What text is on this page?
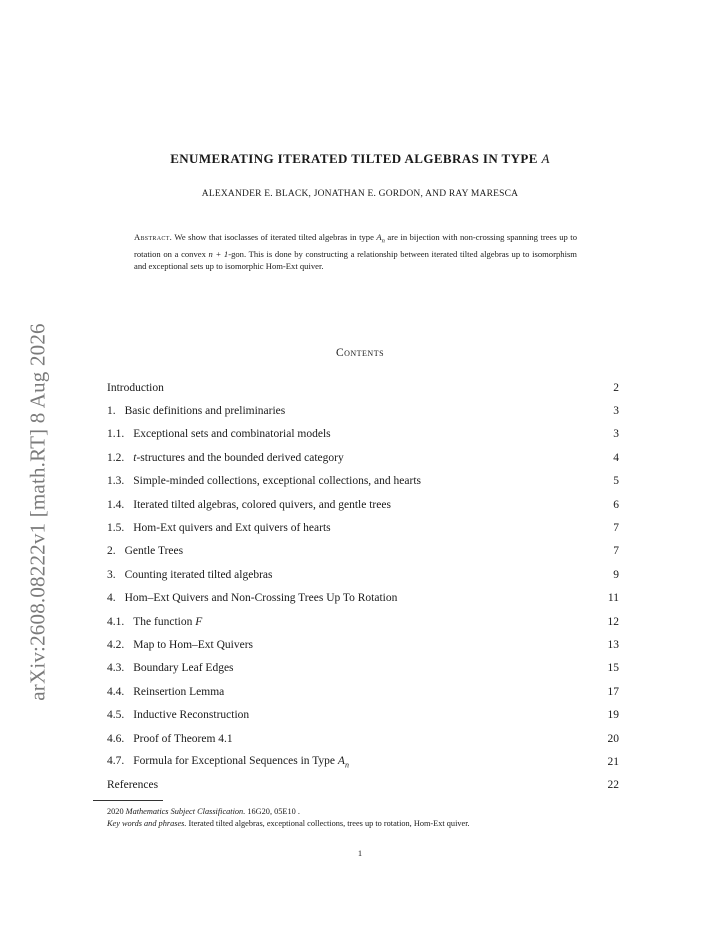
arXiv:2608.08222v1 [math.RT] 8 Aug 2026
ENUMERATING ITERATED TILTED ALGEBRAS IN TYPE A
ALEXANDER E. BLACK, JONATHAN E. GORDON, AND RAY MARESCA
Abstract. We show that isoclasses of iterated tilted algebras in type $A_n$ are in bijection with non-crossing spanning trees up to rotation on a convex n + 1-gon. This is done by constructing a relationship between iterated tilted algebras up to isomorphism and exceptional sets up to isomorphic Hom-Ext quiver.
Contents
Introduction	2
1. Basic definitions and preliminaries	3
1.1. Exceptional sets and combinatorial models	3
1.2. t-structures and the bounded derived category	4
1.3. Simple-minded collections, exceptional collections, and hearts	5
1.4. Iterated tilted algebras, colored quivers, and gentle trees	6
1.5. Hom-Ext quivers and Ext quivers of hearts	7
2. Gentle Trees	7
3. Counting iterated tilted algebras	9
4. Hom–Ext Quivers and Non-Crossing Trees Up To Rotation	11
4.1. The function F	12
4.2. Map to Hom–Ext Quivers	13
4.3. Boundary Leaf Edges	15
4.4. Reinsertion Lemma	17
4.5. Inductive Reconstruction	19
4.6. Proof of Theorem 4.1	20
4.7. Formula for Exceptional Sequences in Type $A_n$	21
References	22
2020 Mathematics Subject Classification. 16G20, 05E10 .
Key words and phrases. Iterated tilted algebras, exceptional collections, trees up to rotation, Hom-Ext quiver.
1
